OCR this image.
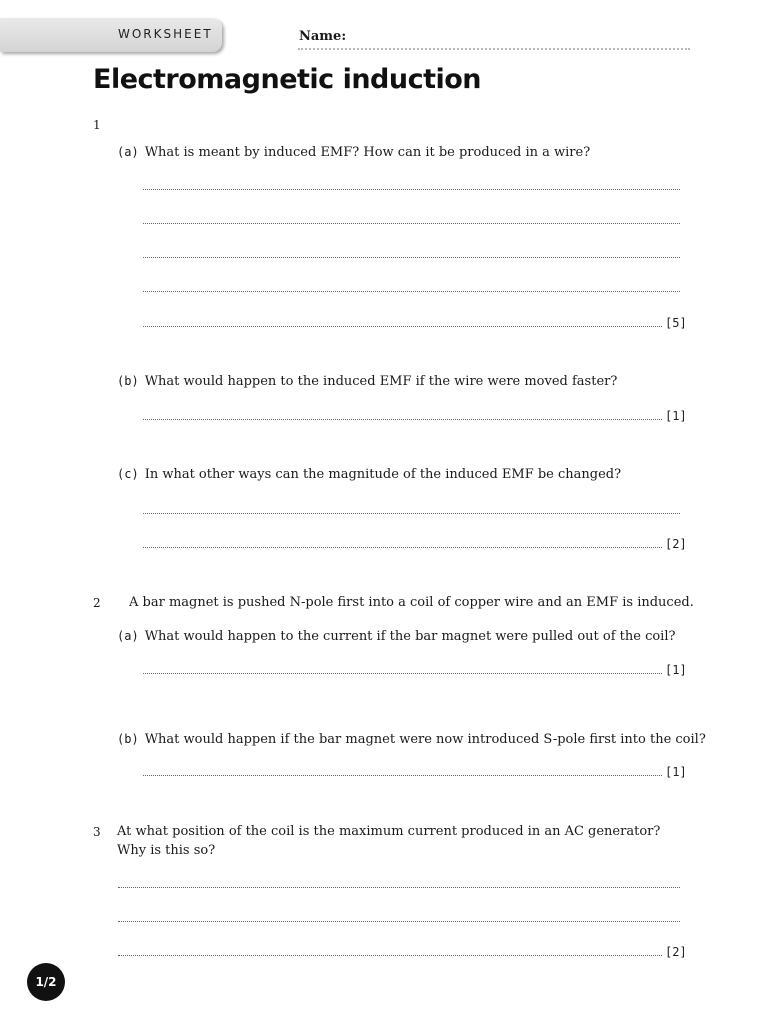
WORKSHEET	Name:
Electromagnetic induction
1
(a) What is meant by induced EMF? How can it be produced in a wire?
[5]
(b) What would happen to the induced EMF if the wire were moved faster?
[1]
(c) In what other ways can the magnitude of the induced EMF be changed?
[2]
2 A bar magnet is pushed N-pole first into a coil of copper wire and an EMF is induced.
(a) What would happen to the current if the bar magnet were pulled out of the coil?
[1]
(b) What would happen if the bar magnet were now introduced S-pole first into the coil?
[1]
3 At what position of the coil is the maximum current produced in an AC generator? Why is this so?
[2]
1/2
